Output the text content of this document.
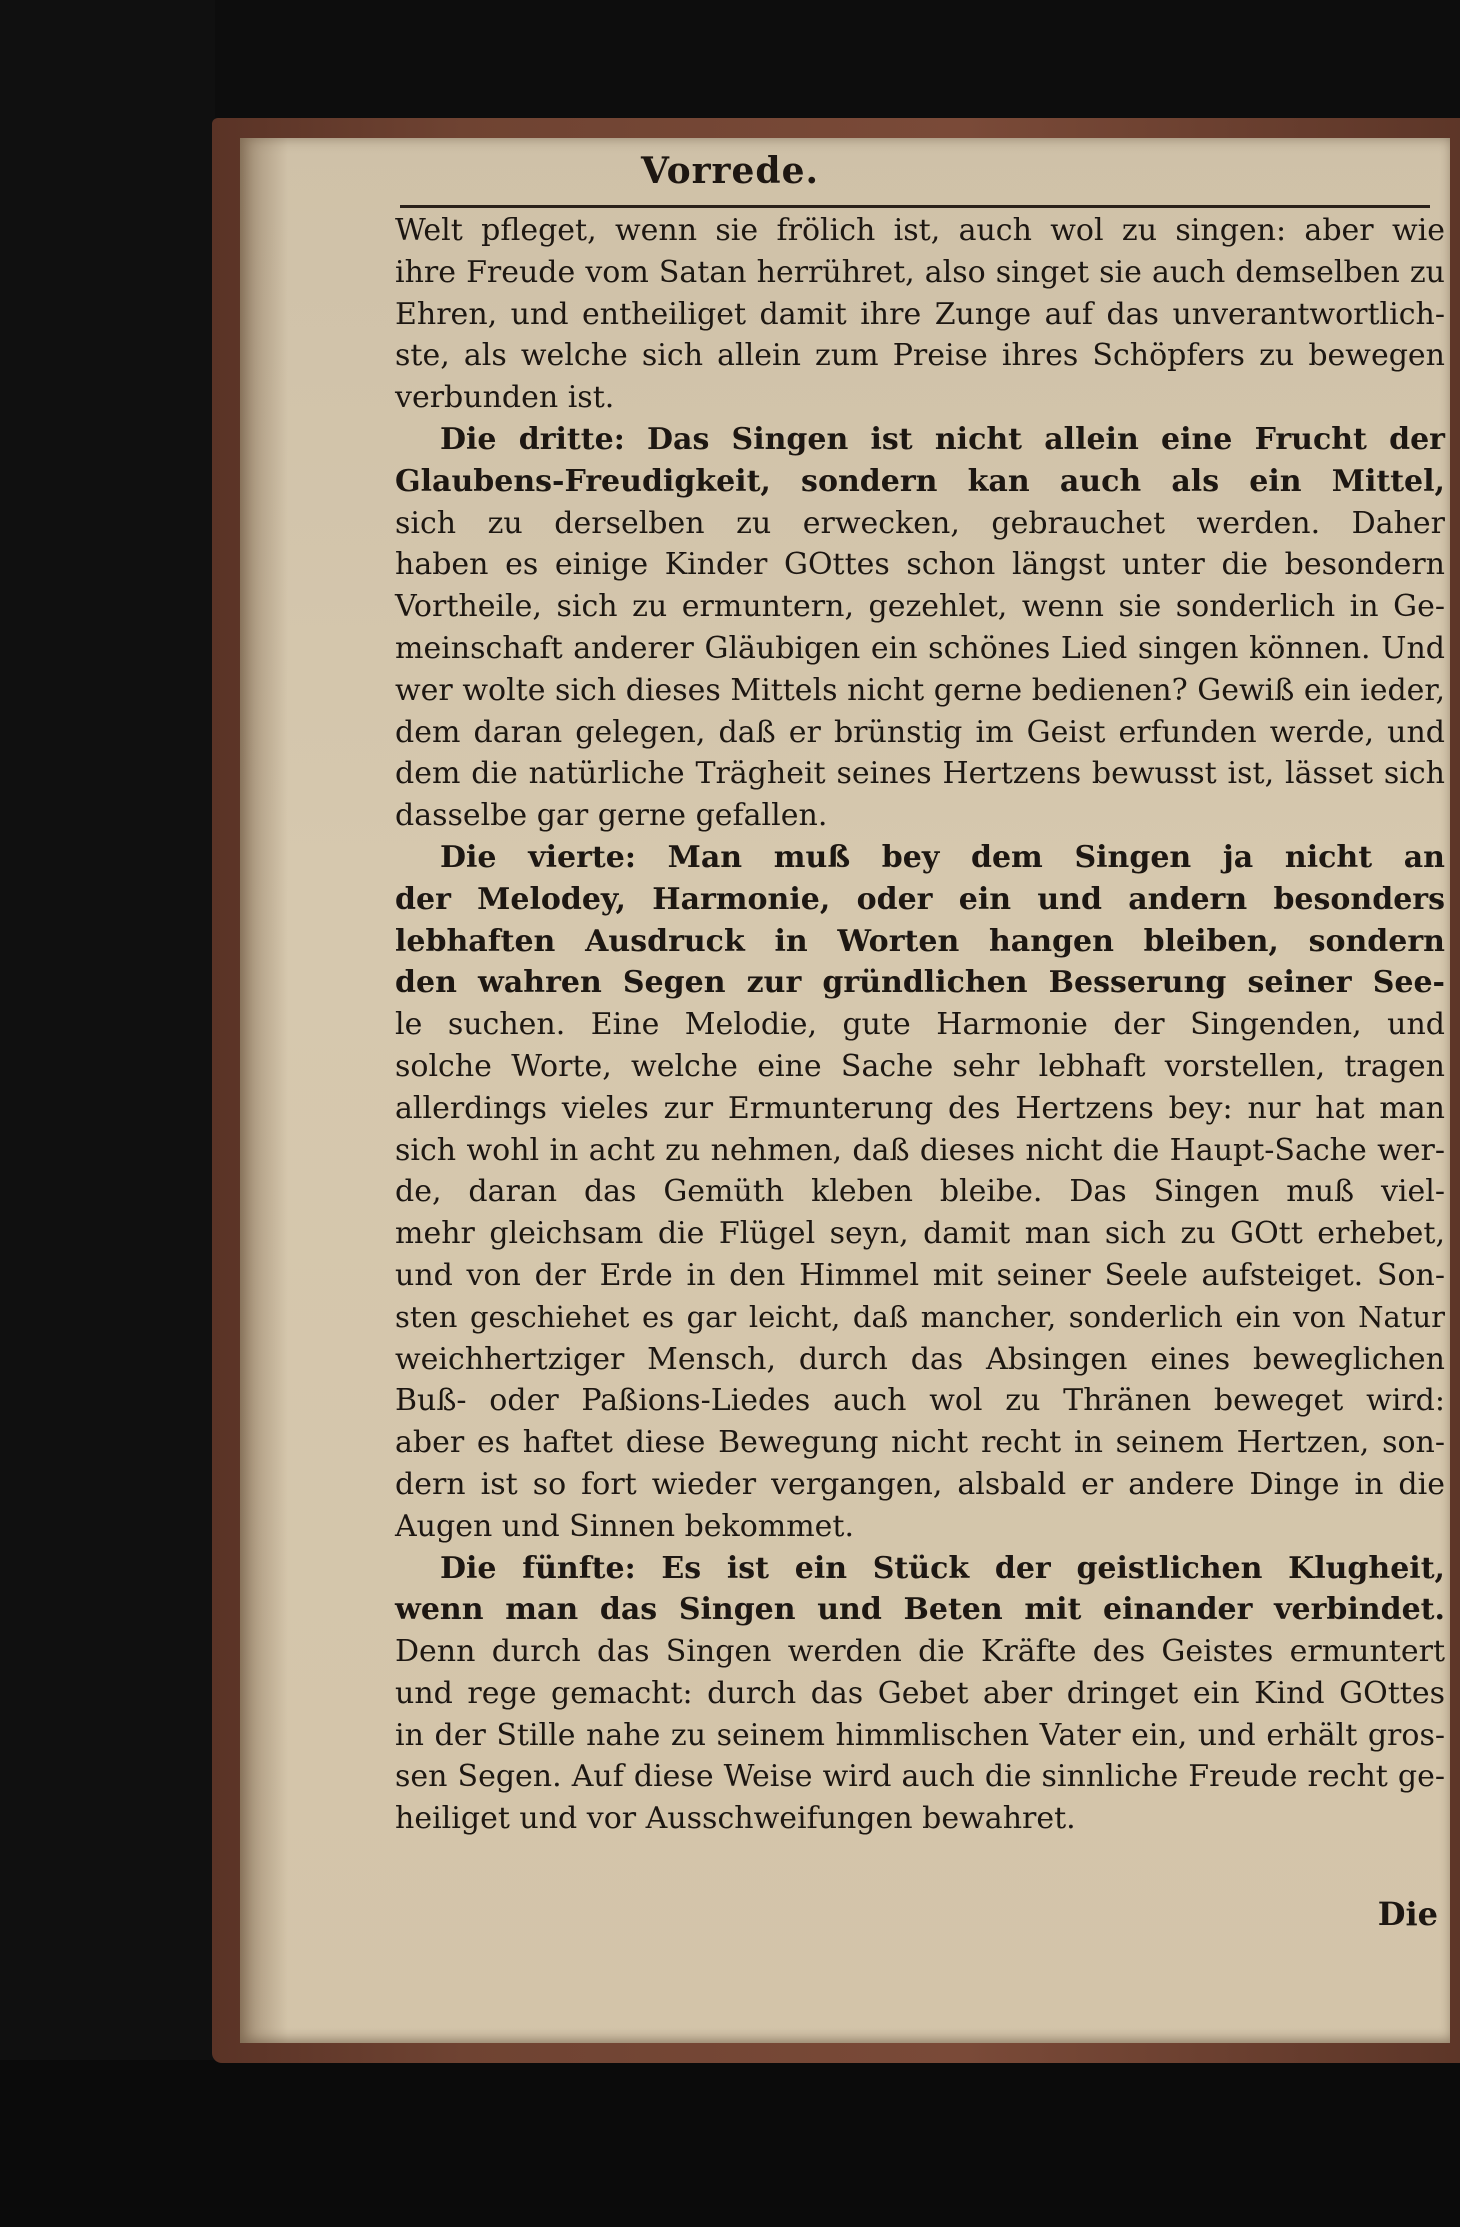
Vorrede.
Welt pfleget, wenn sie frölich ist, auch wol zu singen: aber wie
ihre Freude vom Satan herrühret, also singet sie auch demselben zu
Ehren, und entheiliget damit ihre Zunge auf das unverantwortlich-
ste, als welche sich allein zum Preise ihres Schöpfers zu bewegen
verbunden ist.
Die dritte: Das Singen ist nicht allein eine Frucht der
Glaubens-Freudigkeit, sondern kan auch als ein Mittel,
sich zu derselben zu erwecken, gebrauchet werden. Daher
haben es einige Kinder GOttes schon längst unter die besondern
Vortheile, sich zu ermuntern, gezehlet, wenn sie sonderlich in Ge-
meinschaft anderer Gläubigen ein schönes Lied singen können. Und
wer wolte sich dieses Mittels nicht gerne bedienen? Gewiß ein ieder,
dem daran gelegen, daß er brünstig im Geist erfunden werde, und
dem die natürliche Trägheit seines Hertzens bewusst ist, lässet sich
dasselbe gar gerne gefallen.
Die vierte: Man muß bey dem Singen ja nicht an
der Melodey, Harmonie, oder ein und andern besonders
lebhaften Ausdruck in Worten hangen bleiben, sondern
den wahren Segen zur gründlichen Besserung seiner See-
le suchen. Eine Melodie, gute Harmonie der Singenden, und
solche Worte, welche eine Sache sehr lebhaft vorstellen, tragen
allerdings vieles zur Ermunterung des Hertzens bey: nur hat man
sich wohl in acht zu nehmen, daß dieses nicht die Haupt-Sache wer-
de, daran das Gemüth kleben bleibe. Das Singen muß viel-
mehr gleichsam die Flügel seyn, damit man sich zu GOtt erhebet,
und von der Erde in den Himmel mit seiner Seele aufsteiget. Son-
sten geschiehet es gar leicht, daß mancher, sonderlich ein von Natur
weichhertziger Mensch, durch das Absingen eines beweglichen
Buß- oder Paßions-Liedes auch wol zu Thränen beweget wird:
aber es haftet diese Bewegung nicht recht in seinem Hertzen, son-
dern ist so fort wieder vergangen, alsbald er andere Dinge in die
Augen und Sinnen bekommet.
Die fünfte: Es ist ein Stück der geistlichen Klugheit,
wenn man das Singen und Beten mit einander verbindet.
Denn durch das Singen werden die Kräfte des Geistes ermuntert
und rege gemacht: durch das Gebet aber dringet ein Kind GOttes
in der Stille nahe zu seinem himmlischen Vater ein, und erhält gros-
sen Segen. Auf diese Weise wird auch die sinnliche Freude recht ge-
heiliget und vor Ausschweifungen bewahret.
Die
